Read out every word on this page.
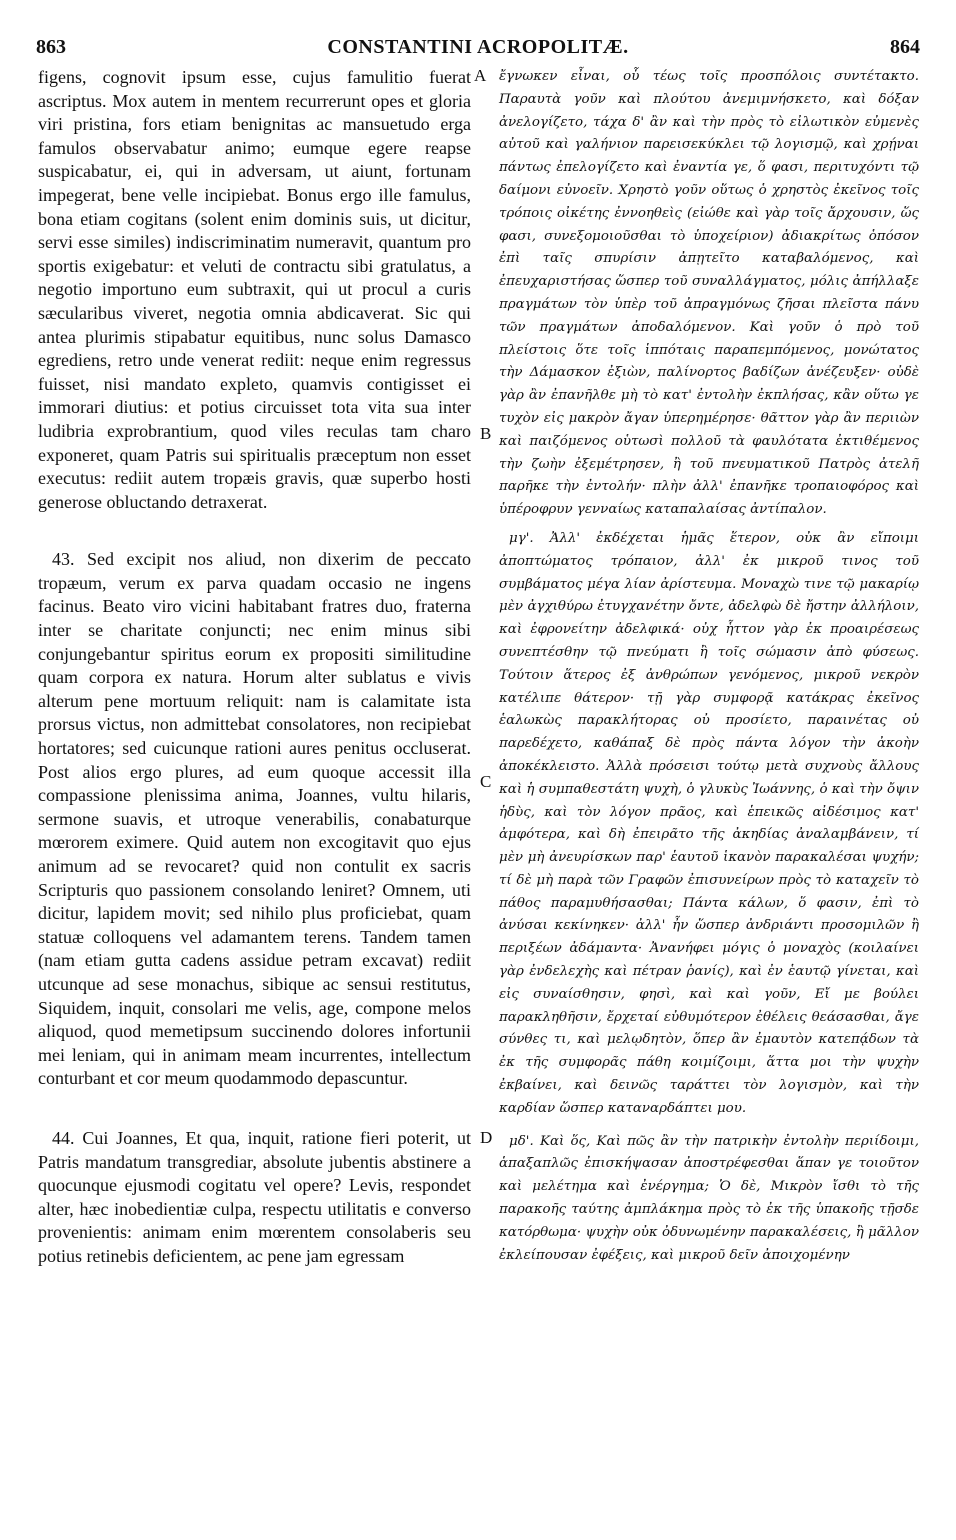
863	CONSTANTINI ACROPOLITÆ.	864

figens, cognovit ipsum esse, cujus famulitio fuerat ascriptus. Mox autem in mentem recurrerunt opes et gloria viri pristina, fors etiam benignitas ac mansuetudo erga famulos observabatur animo; eumque egere reapse suspicabatur, ei, qui in adversam, ut aiunt, fortunam impegerat, bene velle incipiebat. Bonus ergo ille famulus, bona etiam cogitans (solent enim dominis suis, ut dicitur, servi esse similes) indiscriminatim numeravit, quantum pro sportis exigebatur: et veluti de contractu sibi gratulatus, a negotio importuno eum subtraxit, qui ut procul a curis sæcularibus viveret, negotia omnia abdicaverat. Sic qui antea plurimis stipabatur equitibus, nunc solus Damasco egrediens, retro unde venerat rediit: neque enim regressus fuisset, nisi mandato expleto, quamvis contigisset ei immorari diutius: et potius circuisset tota vita sua inter ludibria exprobrantium, quod viles reculas tam charo exponeret, quam Patris sui spiritualis præceptum non esset executus: rediit autem tropæis gravis, quæ superbo hosti generose obluctando detraxerat.

43. Sed excipit nos aliud, non dixerim de peccato tropæum, verum ex parva quadam occasio ne ingens facinus. Beato viro vicini habitabant fratres duo, fraterna inter se charitate conjuncti; nec enim minus sibi conjungebantur spiritus eorum ex propositi similitudine quam corpora ex natura. Horum alter sublatus e vivis alterum pene mortuum reliquit: nam is calamitate ista prorsus victus, non admittebat consolatores, non recipiebat hortatores; sed cuicunque rationi aures penitus occluserat. Post alios ergo plures, ad eum quoque accessit illa compassione plenissima anima, Joannes, vultu hilaris, sermone suavis, et utroque venerabilis, conabaturque mœrorem eximere. Quid autem non excogitavit quo ejus animum ad se revocaret? quid non contulit ex sacris Scripturis quo passionem consolando leniret? Omnem, uti dicitur, lapidem movit; sed nihilo plus proficiebat, quam statuæ colloquens vel adamantem terens. Tandem tamen (nam etiam gutta cadens assidue petram excavat) rediit utcunque ad sese monachus, sibique ac sensui restitutus, Siquidem, inquit, consolari me velis, age, compone melos aliquod, quod memetipsum succinendo dolores infortunii mei leniam, qui in animam meam incurrentes, intellectum conturbant et cor meum quodammodo depascuntur.

44. Cui Joannes, Et qua, inquit, ratione fieri poterit, ut Patris mandatum transgrediar, absolute jubentis abstinere a quocunque ejusmodi cogitatu vel opere? Levis, respondet alter, hæc inobedientiæ culpa, respectu utilitatis e converso provenientis: animam enim mœrentem consolaberis seu potius retinebis deficientem, ac pene jam egressam

A
B
C
D

ἔγνωκεν εἶναι, οὗ τέως τοῖς προσπόλοις συντέτακτο. Παραυτὰ γοῦν καὶ πλούτου ἀνεμιμνήσκετο, καὶ δόξαν ἀνελογίζετο, τάχα δ' ἂν καὶ τὴν πρὸς τὸ εἰλωτικὸν εὐμενὲς αὐτοῦ καὶ γαλήνιον παρεισεκύκλει τῷ λογισμῷ, καὶ χρῄναι πάντως ἐπελογίζετο καὶ ἐναντία γε, ὅ φασι, περιτυχόντι τῷ δαίμονι εὐνοεῖν. Χρηστὸ γοῦν οὕτως ὁ χρηστὸς ἐκεῖνος τοῖς τρόποις οἰκέτης ἐννοηθεὶς (εἰώθε καὶ γὰρ τοῖς ἄρχουσιν, ὥς φασι, συνεξομοιοῦσθαι τὸ ὑποχείριον) ἀδιακρίτως ὁπόσον ἐπὶ ταῖς σπυρίσιν ἀπῃτεῖτο καταβαλόμενος, καὶ ἐπευχαριστήσας ὥσπερ τοῦ συναλλάγματος, μόλις ἀπήλλαξε πραγμάτων τὸν ὑπὲρ τοῦ ἀπραγμόνως ζῆσαι πλεῖστα πάνυ τῶν πραγμάτων ἀποδαλόμενον. Καὶ γοῦν ὁ πρὸ τοῦ πλείστοις ὅτε τοῖς ἱππόταις παραπεμπόμενος, μονώτατος τὴν Δάμασκον ἐξιὼν, παλίνορτος βαδίζων ἀνέζευξεν· οὐδὲ γὰρ ἂν ἐπανῆλθε μὴ τὸ κατ' ἐντολὴν ἐκπλήσας, κἂν οὕτω γε τυχὸν εἰς μακρὸν ἄγαν ὑπερημέρησε· θᾶττον γὰρ ἂν περιιὼν καὶ παιζόμενος οὑτωσὶ πολλοῦ τὰ φαυλότατα ἐκτιθέμενος τὴν ζωὴν ἐξεμέτρησεν, ἢ τοῦ πνευματικοῦ Πατρὸς ἀτελῆ παρῆκε τὴν ἐντολήν· πλὴν ἀλλ' ἐπανῆκε τροπαιοφόρος καὶ ὑπέροφρυν γενναίως καταπαλαίσας ἀντίπαλον.

μγ'. Ἀλλ' ἐκδέχεται ἡμᾶς ἕτερον, οὐκ ἂν εἴποιμι ἀποπτώματος τρόπαιον, ἀλλ' ἐκ μικροῦ τινος τοῦ συμβάματος μέγα λίαν ἀρίστευμα. Μοναχὼ τινε τῷ μακαρίῳ μὲν ἀγχιθύρω ἐτυγχανέτην ὄντε, ἀδελφὼ δὲ ἤστην ἀλλήλοιν, καὶ ἐφρονείτην ἀδελφικά· οὐχ ἧττον γὰρ ἐκ προαιρέσεως συνεπτέσθην τῷ πνεύματι ἢ τοῖς σώμασιν ἀπὸ φύσεως. Τούτοιν ἅτερος ἐξ ἀνθρώπων γενόμενος, μικροῦ νεκρὸν κατέλιπε θάτερον· τῇ γὰρ συμφορᾷ κατάκρας ἐκεῖνος ἑαλωκὼς παρακλήτορας οὐ προσίετο, παραινέτας οὐ παρεδέχετο, καθάπαξ δὲ πρὸς πάντα λόγον τὴν ἀκοὴν ἀποκέκλειστο. Ἀλλὰ πρόσεισι τούτῳ μετὰ συχνοὺς ἄλλους καὶ ἡ συμπαθεστάτη ψυχὴ, ὁ γλυκὺς Ἰωάννης, ὁ καὶ τὴν ὄψιν ἡδὺς, καὶ τὸν λόγον πρᾶος, καὶ ἑπεικῶς αἰδέσιμος κατ' ἀμφότερα, καὶ δὴ ἐπειρᾶτο τῆς ἀκηδίας ἀναλαμβάνειν, τί μὲν μὴ ἀνευρίσκων παρ' ἑαυτοῦ ἱκανὸν παρακαλέσαι ψυχήν; τί δὲ μὴ παρὰ τῶν Γραφῶν ἐπισυνείρων πρὸς τὸ καταχεῖν τὸ πάθος παραμυθήσασθαι; Πάντα κάλων, ὅ φασιν, ἐπὶ τὸ ἀνύσαι κεκίνηκεν· ἀλλ' ἦν ὥσπερ ἀνδριάντι προσομιλῶν ἢ περιξέων ἀδάμαντα· Ἀνανήφει μόγις ὁ μοναχὸς (κοιλαίνει γὰρ ἐνδελεχὴς καὶ πέτραν ῥανίς), καὶ ἐν ἑαυτῷ γίνεται, καὶ εἰς συναίσθησιν, φησὶ, καὶ καὶ γοῦν, Εἴ με βούλει παρακληθῆσιν, ἔρχεταί εὐθυμότερον ἐθέλεις θεάσασθαι, ἄγε σύνθες τι, καὶ μελῳδητὸν, ὅπερ ἂν ἐμαυτὸν κατεπᾴδων τὰ ἐκ τῆς συμφορᾶς πάθη κοιμίζοιμι, ἅττα μοι τὴν ψυχὴν ἐκβαίνει, καὶ δεινῶς ταράττει τὸν λογισμὸν, καὶ τὴν καρδίαν ὥσπερ καταναρδάπτει μου.

μδ'. Καὶ ὅς, Καὶ πῶς ἂν τὴν πατρικὴν ἐντολὴν περιίδοιμι, ἁπαξαπλῶς ἐπισκήψασαν ἀποστρέφεσθαι ἅπαν γε τοιοῦτον καὶ μελέτημα καὶ ἐνέργημα; Ὁ δὲ, Μικρὸν ἴσθι τὸ τῆς παρακοῆς ταύτης ἀμπλάκημα πρὸς τὸ ἐκ τῆς ὑπακοῆς τῇσδε κατόρθωμα· ψυχὴν οὐκ ὀδυνωμένην παρακαλέσεις, ἢ μᾶλλον ἐκλείπουσαν ἐφέξεις, καὶ μικροῦ δεῖν ἀποιχομένην
